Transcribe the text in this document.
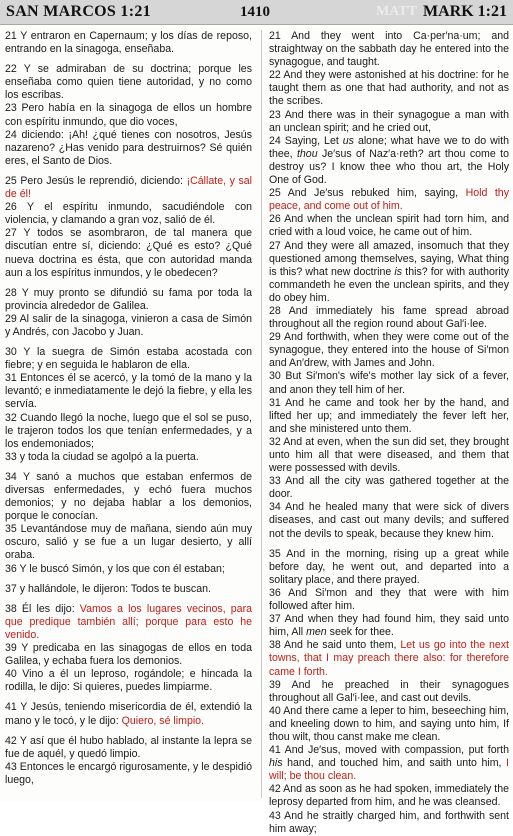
SAN MARCOS 1:21	1410	MATT MARK 1:21

21 Y entraron en Capernaum; y los días de reposo, entrando en la sinagoga, enseñaba.

22 Y se admiraban de su doctrina; porque les enseñaba como quien tiene autoridad, y no como los escribas.

23 Pero había en la sinagoga de ellos un hombre con espíritu inmundo, que dio voces,

24 diciendo: ¡Ah! ¿qué tienes con nosotros, Jesús nazareno? ¿Has venido para destruirnos? Sé quién eres, el Santo de Dios.

25 Pero Jesús le reprendió, diciendo: ¡Cállate, y sal de él!

26 Y el espíritu inmundo, sacudiéndole con violencia, y clamando a gran voz, salió de él.

27 Y todos se asombraron, de tal manera que discutían entre sí, diciendo: ¿Qué es esto? ¿Qué nueva doctrina es ésta, que con autoridad manda aun a los espíritus inmundos, y le obedecen?

28 Y muy pronto se difundió su fama por toda la provincia alrededor de Galilea.

29 Al salir de la sinagoga, vinieron a casa de Simón y Andrés, con Jacobo y Juan.

30 Y la suegra de Simón estaba acostada con fiebre; y en seguida le hablaron de ella.

31 Entonces él se acercó, y la tomó de la mano y la levantó; e inmediatamente le dejó la fiebre, y ella les servía.

32 Cuando llegó la noche, luego que el sol se puso, le trajeron todos los que tenían enfermedades, y a los endemoniados;

33 y toda la ciudad se agolpó a la puerta.

34 Y sanó a muchos que estaban enfermos de diversas enfermedades, y echó fuera muchos demonios; y no dejaba hablar a los demonios, porque le conocían.

35 Levantándose muy de mañana, siendo aún muy oscuro, salió y se fue a un lugar desierto, y allí oraba.

36 Y le buscó Simón, y los que con él estaban;

37 y hallándole, le dijeron: Todos te buscan.

38 Él les dijo: Vamos a los lugares vecinos, para que predique también allí; porque para esto he venido.

39 Y predicaba en las sinagogas de ellos en toda Galilea, y echaba fuera los demonios.

40 Vino a él un leproso, rogándole; e hincada la rodilla, le dijo: Si quieres, puedes limpiarme.

41 Y Jesús, teniendo misericordia de él, extendió la mano y le tocó, y le dijo: Quiero, sé limpio.

42 Y así que él hubo hablado, al instante la lepra se fue de aquél, y quedó limpio.

43 Entonces le encargó rigurosamente, y le despidió luego,

21 And they went into Ca·per′na·um; and straightway on the sabbath day he entered into the synagogue, and taught.

22 And they were astonished at his doctrine: for he taught them as one that had authority, and not as the scribes.

23 And there was in their synagogue a man with an unclean spirit; and he cried out,

24 Saying, Let us alone; what have we to do with thee, thou Je′sus of Naz′a·reth? art thou come to destroy us? I know thee who thou art, the Holy One of God.

25 And Je′sus rebuked him, saying, Hold thy peace, and come out of him.

26 And when the unclean spirit had torn him, and cried with a loud voice, he came out of him.

27 And they were all amazed, insomuch that they questioned among themselves, saying, What thing is this? what new doctrine is this? for with authority commandeth he even the unclean spirits, and they do obey him.

28 And immediately his fame spread abroad throughout all the region round about Gal′i·lee.

29 And forthwith, when they were come out of the synagogue, they entered into the house of Si′mon and An′drew, with James and John.

30 But Si′mon's wife's mother lay sick of a fever, and anon they tell him of her.

31 And he came and took her by the hand, and lifted her up; and immediately the fever left her, and she ministered unto them.

32 And at even, when the sun did set, they brought unto him all that were diseased, and them that were possessed with devils.

33 And all the city was gathered together at the door.

34 And he healed many that were sick of divers diseases, and cast out many devils; and suffered not the devils to speak, because they knew him.

35 And in the morning, rising up a great while before day, he went out, and departed into a solitary place, and there prayed.

36 And Si′mon and they that were with him followed after him.

37 And when they had found him, they said unto him, All men seek for thee.

38 And he said unto them, Let us go into the next towns, that I may preach there also: for therefore came I forth.

39 And he preached in their synagogues throughout all Gal′i·lee, and cast out devils.

40 And there came a leper to him, beseeching him, and kneeling down to him, and saying unto him, If thou wilt, thou canst make me clean.

41 And Je′sus, moved with compassion, put forth his hand, and touched him, and saith unto him, I will; be thou clean.

42 And as soon as he had spoken, immediately the leprosy departed from him, and he was cleansed.

43 And he straitly charged him, and forthwith sent him away;
